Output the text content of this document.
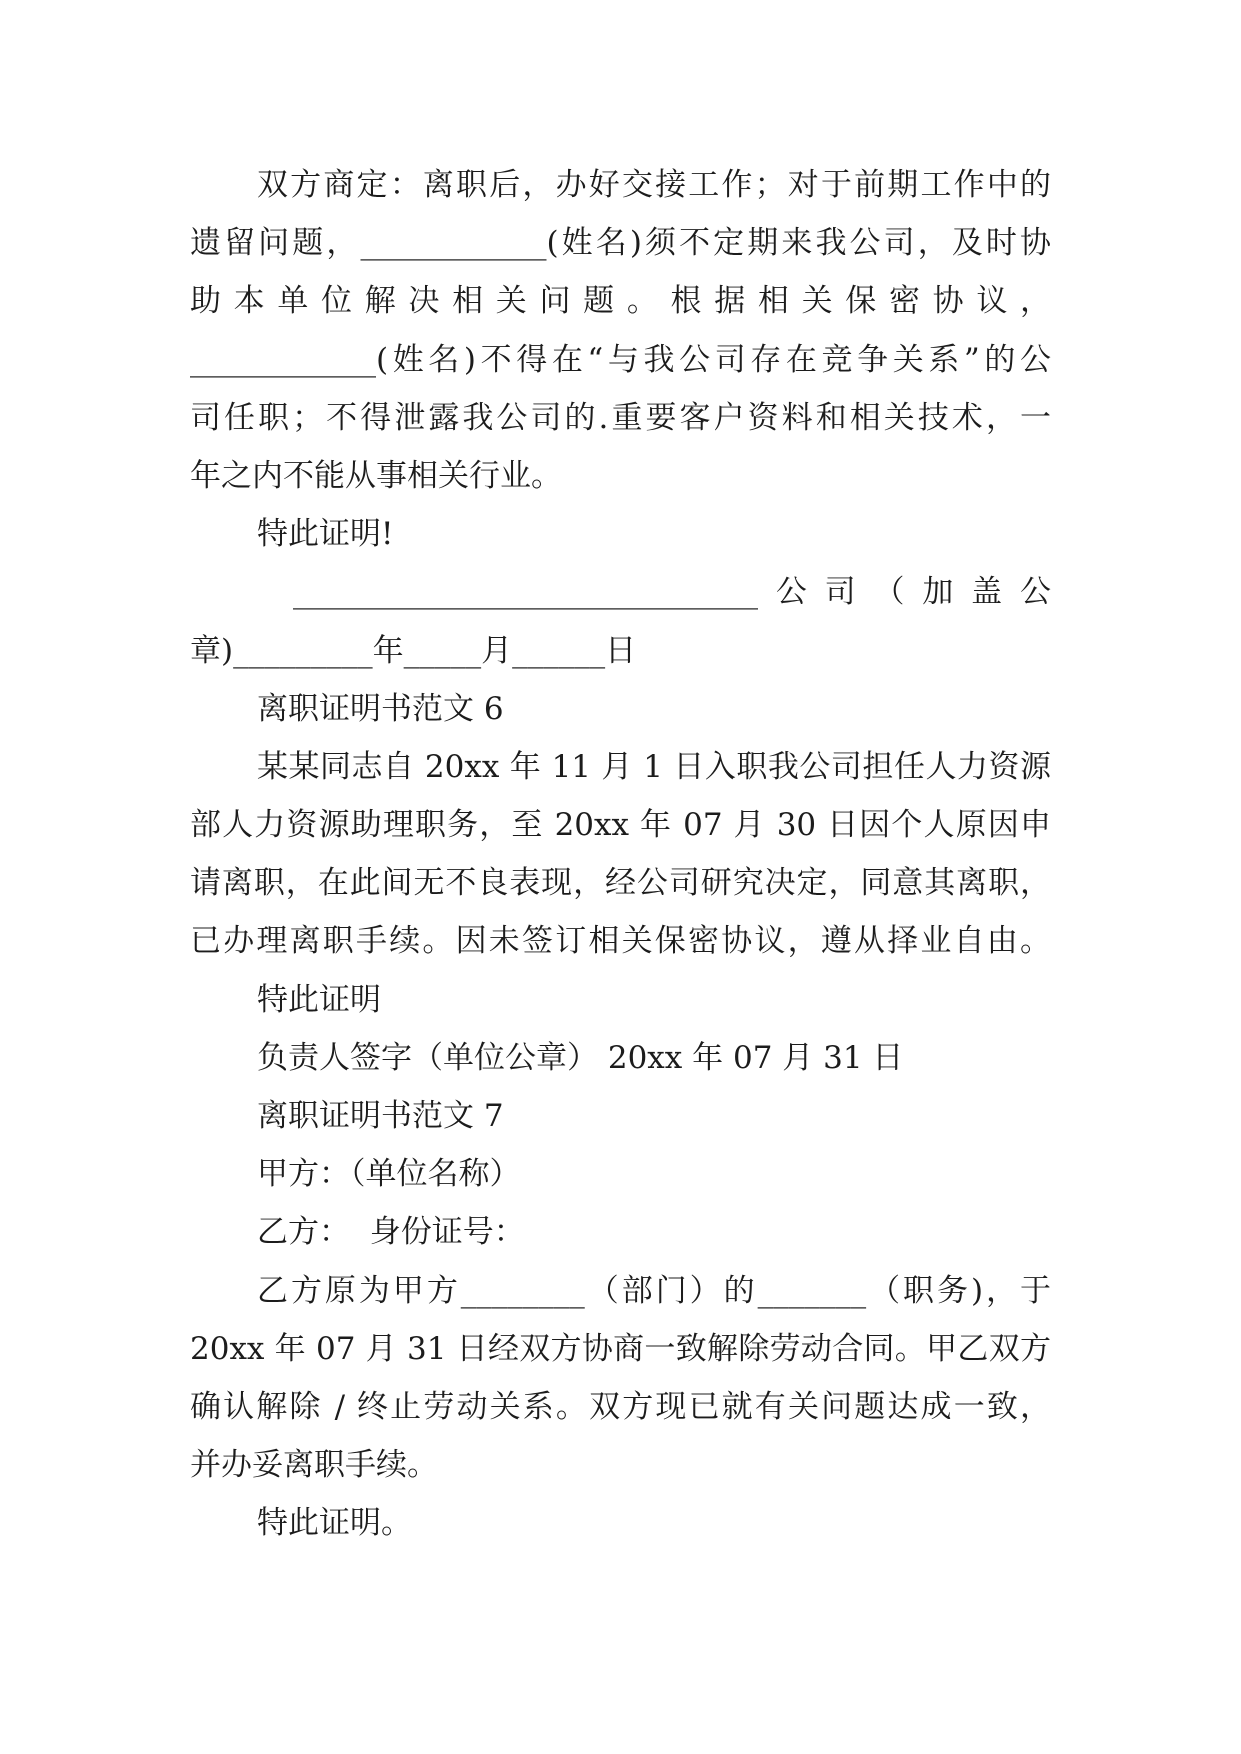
双方商定：离职后，办好交接工作；对于前期工作中的
遗留问题，____________(姓名)须不定期来我公司，及时协
助本单位解决相关问题。根据相关保密协议，
____________(姓名)不得在“与我公司存在竞争关系”的公
司任职；不得泄露我公司的.重要客户资料和相关技术，一
年之内不能从事相关行业。
特此证明!
______________________________公司（加盖公
章)_________年_____月______日
离职证明书范文 6
某某同志自 20xx 年 11 月 1 日入职我公司担任人力资源
部人力资源助理职务，至 20xx 年 07 月 30 日因个人原因申
请离职，在此间无不良表现，经公司研究决定，同意其离职，
已办理离职手续。因未签订相关保密协议，遵从择业自由。
特此证明
负责人签字（单位公章） 20xx 年 07 月 31 日
离职证明书范文 7
甲方：（单位名称）
乙方：  身份证号：
乙方原为甲方________（部门）的_______（职务)，于
20xx 年 07 月 31 日经双方协商一致解除劳动合同。甲乙双方
确认解除 / 终止劳动关系。双方现已就有关问题达成一致，
并办妥离职手续。
特此证明。
